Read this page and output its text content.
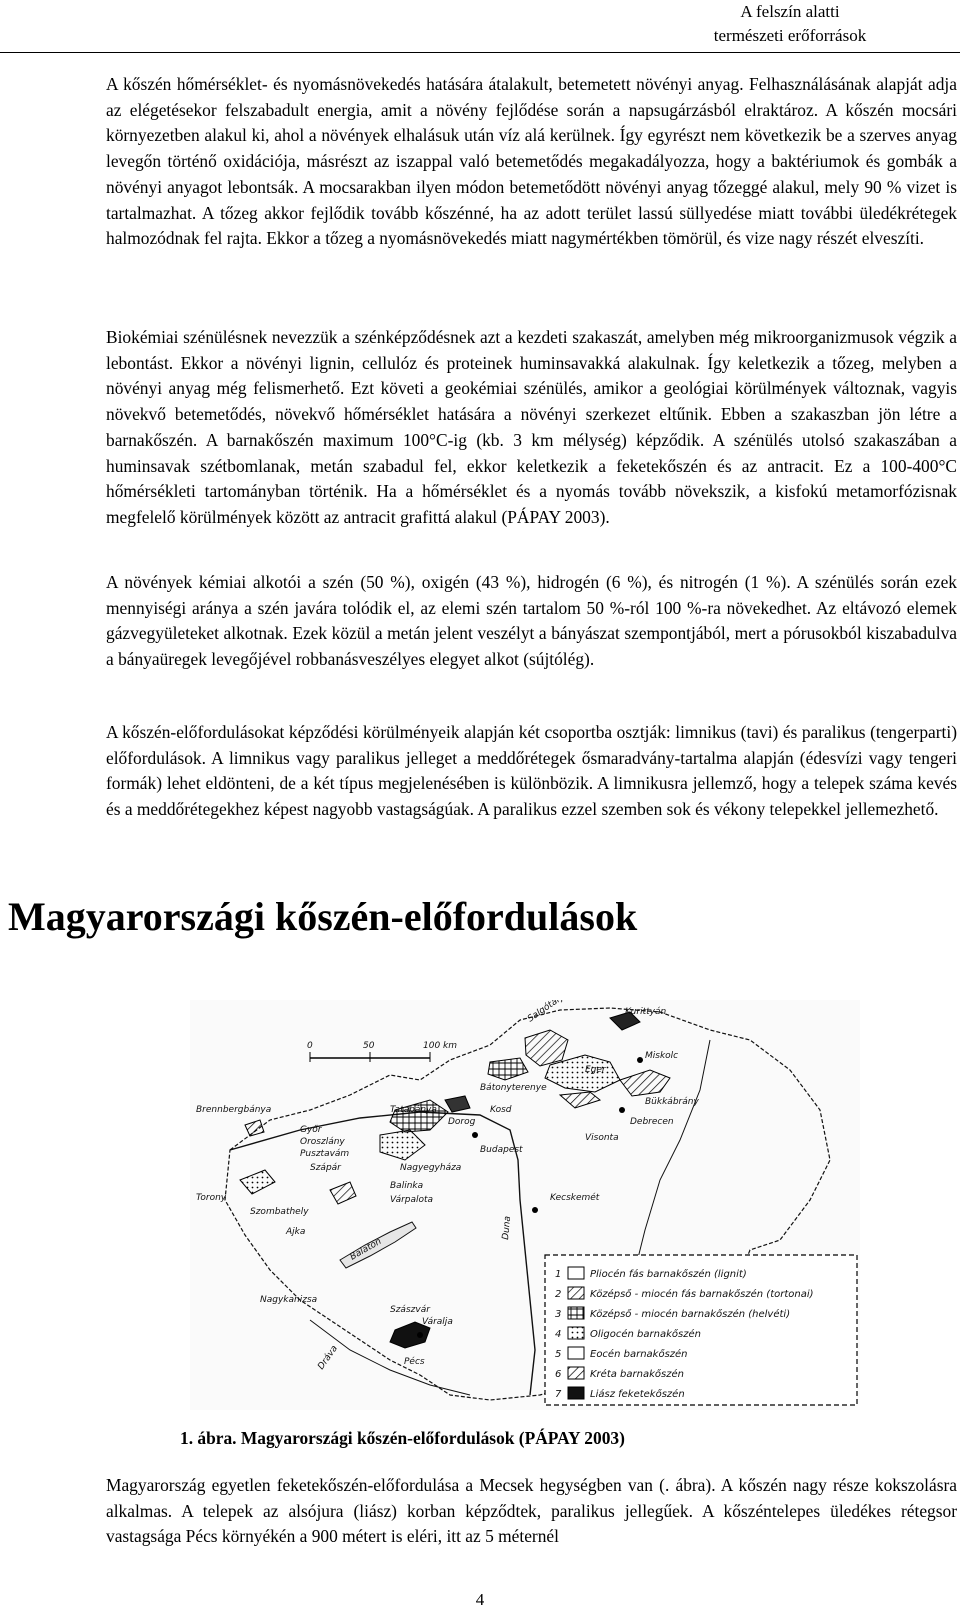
A felszín alatti
természeti erőforrások

A kőszén hőmérséklet- és nyomásnövekedés hatására átalakult, betemetett növényi anyag. Felhasználásának alapját adja az elégetésekor felszabadult energia, amit a növény fejlődése során a napsugárzásból elraktároz. A kőszén mocsári környezetben alakul ki, ahol a növények elhalásuk után víz alá kerülnek. Így egyrészt nem következik be a szerves anyag levegőn történő oxidációja, másrészt az iszappal való betemetődés megakadályozza, hogy a baktériumok és gombák a növényi anyagot lebontsák. A mocsarakban ilyen módon betemetődött növényi anyag tőzeggé alakul, mely 90 % vizet is tartalmazhat. A tőzeg akkor fejlődik tovább kőszénné, ha az adott terület lassú süllyedése miatt további üledékrétegek halmozódnak fel rajta. Ekkor a tőzeg a nyomásnövekedés miatt nagymértékben tömörül, és vize nagy részét elveszíti.

Biokémiai szénülésnek nevezzük a szénképződésnek azt a kezdeti szakaszát, amelyben még mikroorganizmusok végzik a lebontást. Ekkor a növényi lignin, cellulóz és proteinek huminsavakká alakulnak. Így keletkezik a tőzeg, melyben a növényi anyag még felismerhető. Ezt követi a geokémiai szénülés, amikor a geológiai körülmények változnak, vagyis növekvő betemetődés, növekvő hőmérséklet hatására a növényi szerkezet eltűnik. Ebben a szakaszban jön létre a barnakőszén. A barnakőszén maximum 100°C-ig (kb. 3 km mélység) képződik. A szénülés utolsó szakaszában a huminsavak szétbomlanak, metán szabadul fel, ekkor keletkezik a feketekőszén és az antracit. Ez a 100-400°C hőmérsékleti tartományban történik. Ha a hőmérséklet és a nyomás tovább növekszik, a kisfokú metamorfózisnak megfelelő körülmények között az antracit grafittá alakul (PÁPAY 2003).

A növények kémiai alkotói a szén (50 %), oxigén (43 %), hidrogén (6 %), és nitrogén (1 %). A szénülés során ezek mennyiségi aránya a szén javára tolódik el, az elemi szén tartalom 50 %-ról 100 %-ra növekedhet. Az eltávozó elemek gázvegyületeket alkotnak. Ezek közül a metán jelent veszélyt a bányászat szempontjából, mert a pórusokból kiszabadulva a bányaüregek levegőjével robbanásveszélyes elegyet alkot (sújtólég).

A kőszén-előfordulásokat képződési körülményeik alapján két csoportba osztják: limnikus (tavi) és paralikus (tengerparti) előfordulások. A limnikus vagy paralikus jelleget a meddőrétegek ősmaradvány-tartalma alapján (édesvízi vagy tengeri formák) lehet eldönteni, de a két típus megjelenésében is különbözik. A limnikusra jellemző, hogy a telepek száma kevés és a meddőrétegekhez képest nagyobb vastagságúak. A paralikus ezzel szemben sok és vékony telepekkel jellemezhető.

Magyarországi kőszén-előfordulások
0	50	100 km
Kurittyán
Miskolc
Bátonyterenye
Eger
Bükkábrány
Brennbergbánya
Győr
Tatabánya
Dorog
Kosd
Debrecen
Oroszlány
Pusztavám
Visonta
Szápár	Nagyegyháza
Budapest
Torony
Szombathely
Balinka
Várpalota
Ajka
Kecskemét
Balaton
Duna
Nagykanizsa
Szászvár
Váralja
Pécs
Dráva
1	Pliocén fás barnakőszén (lignit)
2	Középső - miocén fás barnakőszén (tortonai)
3	Középső - miocén barnakőszén (helvéti)
4	Oligocén barnakőszén
5	Eocén barnakőszén
6	Kréta barnakőszén
7	Liász feketekőszén
1. ábra. Magyarországi kőszén-előfordulások (PÁPAY 2003)

Magyarország egyetlen feketekőszén-előfordulása a Mecsek hegységben van (. ábra). A kőszén nagy része kokszolásra alkalmas. A telepek az alsójura (liász) korban képződtek, paralikus jellegűek. A kőszéntelepes üledékes rétegsor vastagsága Pécs környékén a 900 métert is eléri, itt az 5 méternél

4
